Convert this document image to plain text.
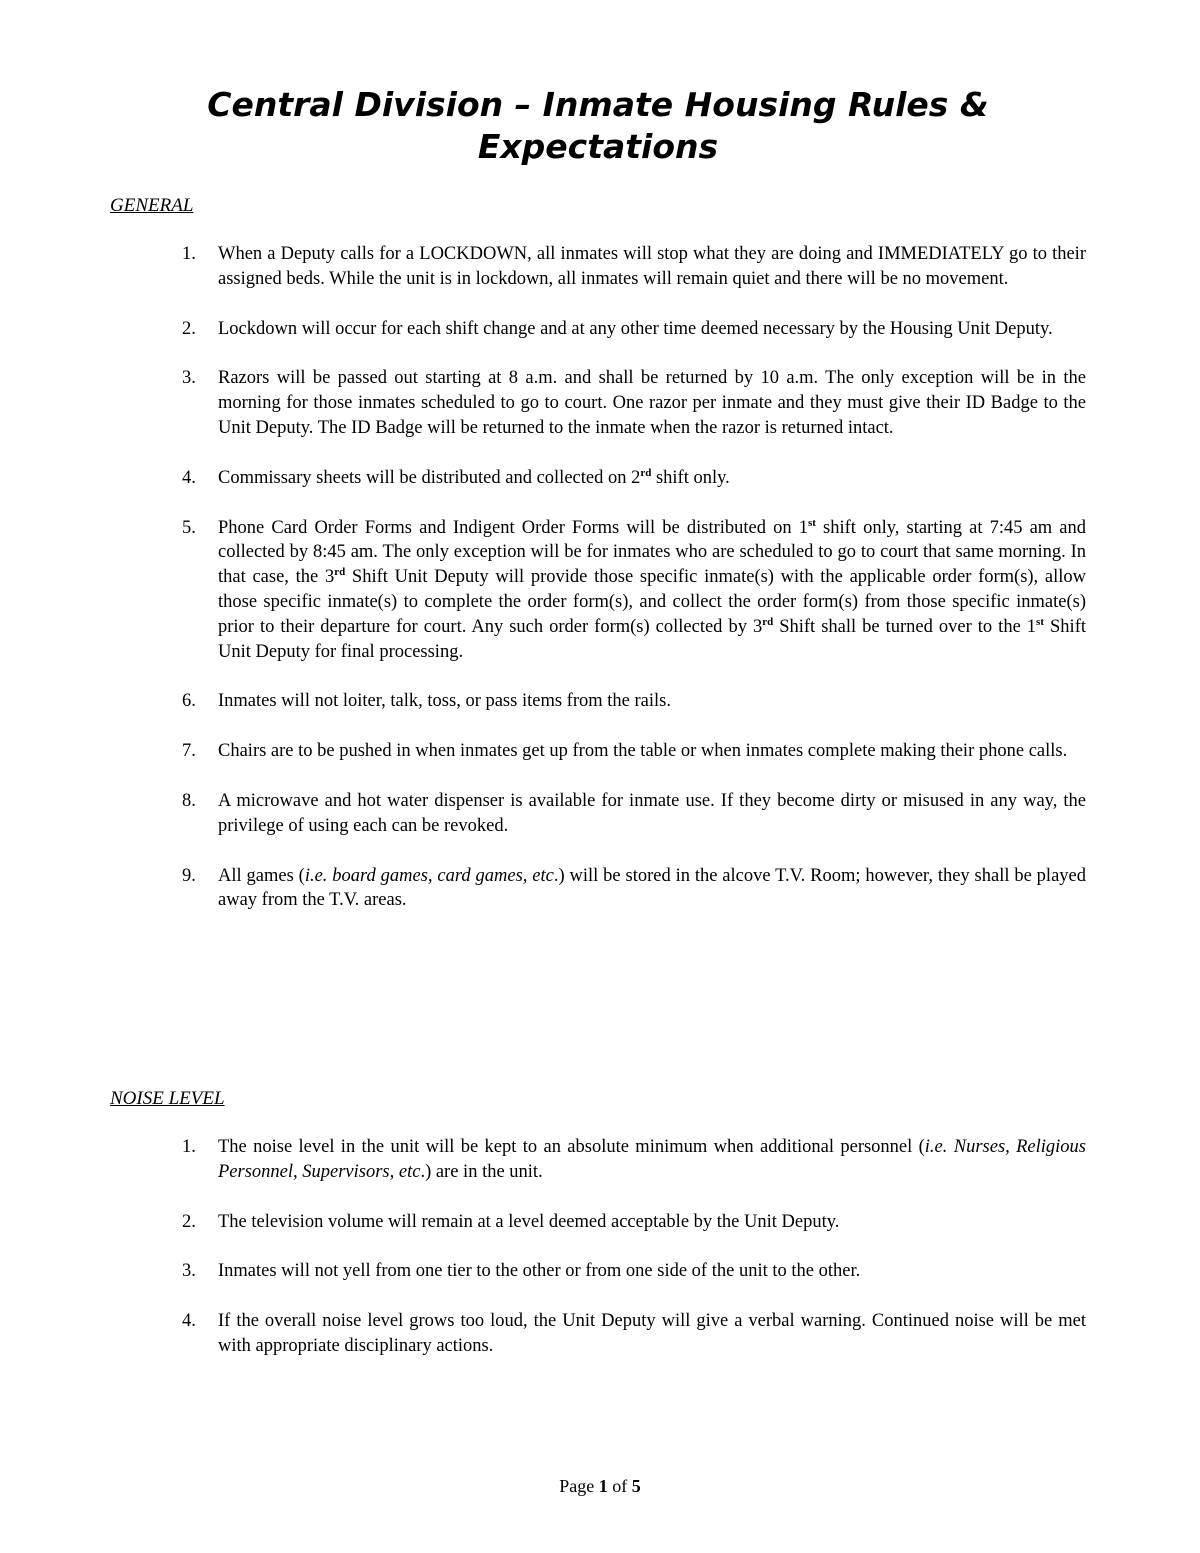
Central Division – Inmate Housing Rules &
Expectations
GENERAL
1. When a Deputy calls for a LOCKDOWN, all inmates will stop what they are doing and IMMEDIATELY go to their assigned beds. While the unit is in lockdown, all inmates will remain quiet and there will be no movement.
2. Lockdown will occur for each shift change and at any other time deemed necessary by the Housing Unit Deputy.
3. Razors will be passed out starting at 8 a.m. and shall be returned by 10 a.m. The only exception will be in the morning for those inmates scheduled to go to court. One razor per inmate and they must give their ID Badge to the Unit Deputy. The ID Badge will be returned to the inmate when the razor is returned intact.
4. Commissary sheets will be distributed and collected on 2rd shift only.
5. Phone Card Order Forms and Indigent Order Forms will be distributed on 1st shift only, starting at 7:45 am and collected by 8:45 am. The only exception will be for inmates who are scheduled to go to court that same morning. In that case, the 3rd Shift Unit Deputy will provide those specific inmate(s) with the applicable order form(s), allow those specific inmate(s) to complete the order form(s), and collect the order form(s) from those specific inmate(s) prior to their departure for court. Any such order form(s) collected by 3rd Shift shall be turned over to the 1st Shift Unit Deputy for final processing.
6. Inmates will not loiter, talk, toss, or pass items from the rails.
7. Chairs are to be pushed in when inmates get up from the table or when inmates complete making their phone calls.
8. A microwave and hot water dispenser is available for inmate use. If they become dirty or misused in any way, the privilege of using each can be revoked.
9. All games (i.e. board games, card games, etc.) will be stored in the alcove T.V. Room; however, they shall be played away from the T.V. areas.
NOISE LEVEL
1. The noise level in the unit will be kept to an absolute minimum when additional personnel (i.e. Nurses, Religious Personnel, Supervisors, etc.) are in the unit.
2. The television volume will remain at a level deemed acceptable by the Unit Deputy.
3. Inmates will not yell from one tier to the other or from one side of the unit to the other.
4. If the overall noise level grows too loud, the Unit Deputy will give a verbal warning. Continued noise will be met with appropriate disciplinary actions.
Page 1 of 5
